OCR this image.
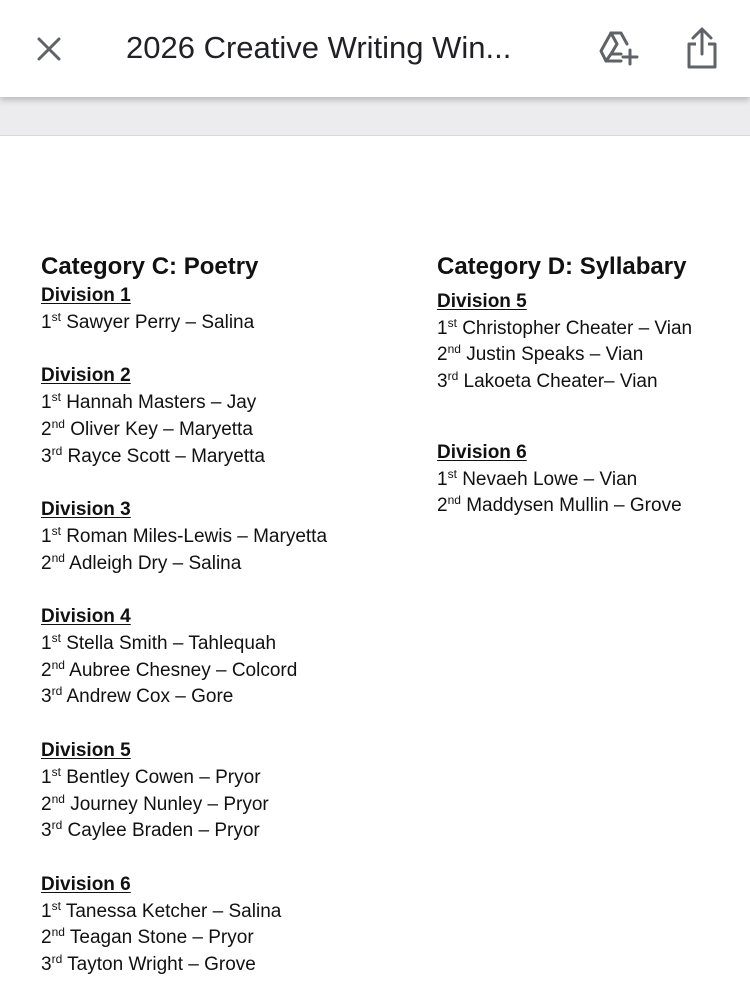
2026 Creative Writing Win...
Category C: Poetry
Division 1
1st Sawyer Perry – Salina
Division 2
1st Hannah Masters – Jay
2nd Oliver Key – Maryetta
3rd Rayce Scott – Maryetta
Division 3
1st Roman Miles-Lewis – Maryetta
2nd Adleigh Dry – Salina
Division 4
1st Stella Smith – Tahlequah
2nd Aubree Chesney – Colcord
3rd Andrew Cox – Gore
Division 5
1st Bentley Cowen – Pryor
2nd Journey Nunley – Pryor
3rd Caylee Braden – Pryor
Division 6
1st Tanessa Ketcher – Salina
2nd Teagan Stone – Pryor
3rd Tayton Wright – Grove
Category D: Syllabary
Division 5
1st Christopher Cheater – Vian
2nd Justin Speaks – Vian
3rd Lakoeta Cheater– Vian
Division 6
1st Nevaeh Lowe – Vian
2nd Maddysen Mullin – Grove
